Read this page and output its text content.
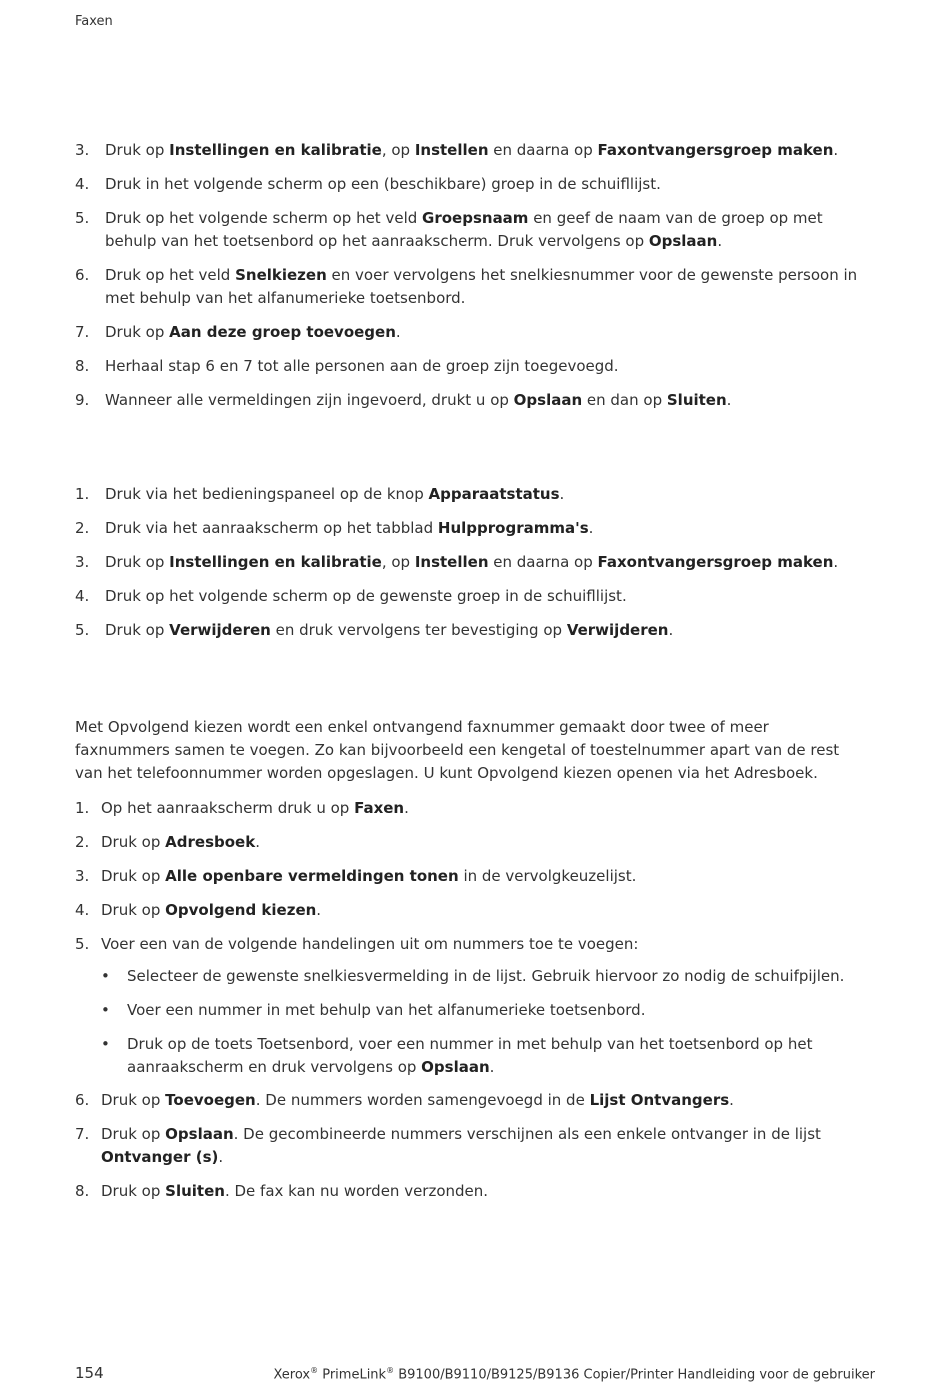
Faxen
3.	Druk op Instellingen en kalibratie, op Instellen en daarna op Faxontvangersgroep maken.
4.	Druk in het volgende scherm op een (beschikbare) groep in de schuifllijst.
5.	Druk op het volgende scherm op het veld Groepsnaam en geef de naam van de groep op met behulp van het toetsenbord op het aanraakscherm. Druk vervolgens op Opslaan.
6.	Druk op het veld Snelkiezen en voer vervolgens het snelkiesnummer voor de gewenste persoon in met behulp van het alfanumerieke toetsenbord.
7.	Druk op Aan deze groep toevoegen.
8.	Herhaal stap 6 en 7 tot alle personen aan de groep zijn toegevoegd.
9.	Wanneer alle vermeldingen zijn ingevoerd, drukt u op Opslaan en dan op Sluiten.
1.	Druk via het bedieningspaneel op de knop Apparaatstatus.
2.	Druk via het aanraakscherm op het tabblad Hulpprogramma's.
3.	Druk op Instellingen en kalibratie, op Instellen en daarna op Faxontvangersgroep maken.
4.	Druk op het volgende scherm op de gewenste groep in de schuifllijst.
5.	Druk op Verwijderen en druk vervolgens ter bevestiging op Verwijderen.

Met Opvolgend kiezen wordt een enkel ontvangend faxnummer gemaakt door twee of meer faxnummers samen te voegen. Zo kan bijvoorbeeld een kengetal of toestelnummer apart van de rest van het telefoonnummer worden opgeslagen. U kunt Opvolgend kiezen openen via het Adresboek.

1. Op het aanraakscherm druk u op Faxen.
2. Druk op Adresboek.
3. Druk op Alle openbare vermeldingen tonen in de vervolgkeuzelijst.
4. Druk op Opvolgend kiezen.
5. Voer een van de volgende handelingen uit om nummers toe te voegen:
•	Selecteer de gewenste snelkiesvermelding in de lijst. Gebruik hiervoor zo nodig de schuifpijlen.
•	Voer een nummer in met behulp van het alfanumerieke toetsenbord.
•	Druk op de toets Toetsenbord, voer een nummer in met behulp van het toetsenbord op het aanraakscherm en druk vervolgens op Opslaan.
6. Druk op Toevoegen. De nummers worden samengevoegd in de Lijst Ontvangers.
7. Druk op Opslaan. De gecombineerde nummers verschijnen als een enkele ontvanger in de lijst Ontvanger (s).
8. Druk op Sluiten. De fax kan nu worden verzonden.
154	Xerox® PrimeLink® B9100/B9110/B9125/B9136 Copier/Printer Handleiding voor de gebruiker
